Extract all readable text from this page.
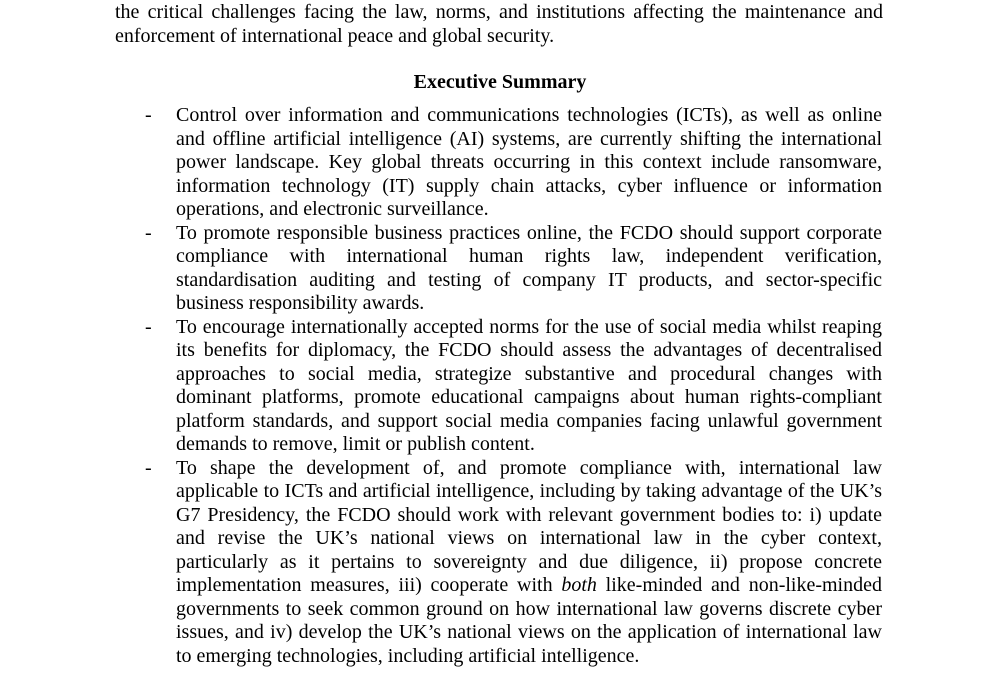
the critical challenges facing the law, norms, and institutions affecting the maintenance and enforcement of international peace and global security.

Executive Summary
- Control over information and communications technologies (ICTs), as well as online and offline artificial intelligence (AI) systems, are currently shifting the international power landscape. Key global threats occurring in this context include ransomware, information technology (IT) supply chain attacks, cyber influence or information operations, and electronic surveillance.
- To promote responsible business practices online, the FCDO should support corporate compliance with international human rights law, independent verification, standardisation auditing and testing of company IT products, and sector-specific business responsibility awards.
- To encourage internationally accepted norms for the use of social media whilst reaping its benefits for diplomacy, the FCDO should assess the advantages of decentralised approaches to social media, strategize substantive and procedural changes with dominant platforms, promote educational campaigns about human rights-compliant platform standards, and support social media companies facing unlawful government demands to remove, limit or publish content.
- To shape the development of, and promote compliance with, international law applicable to ICTs and artificial intelligence, including by taking advantage of the UK’s G7 Presidency, the FCDO should work with relevant government bodies to: i) update and revise the UK’s national views on international law in the cyber context, particularly as it pertains to sovereignty and due diligence, ii) propose concrete implementation measures, iii) cooperate with both like-minded and non-like-minded governments to seek common ground on how international law governs discrete cyber issues, and iv) develop the UK’s national views on the application of international law to emerging technologies, including artificial intelligence.
